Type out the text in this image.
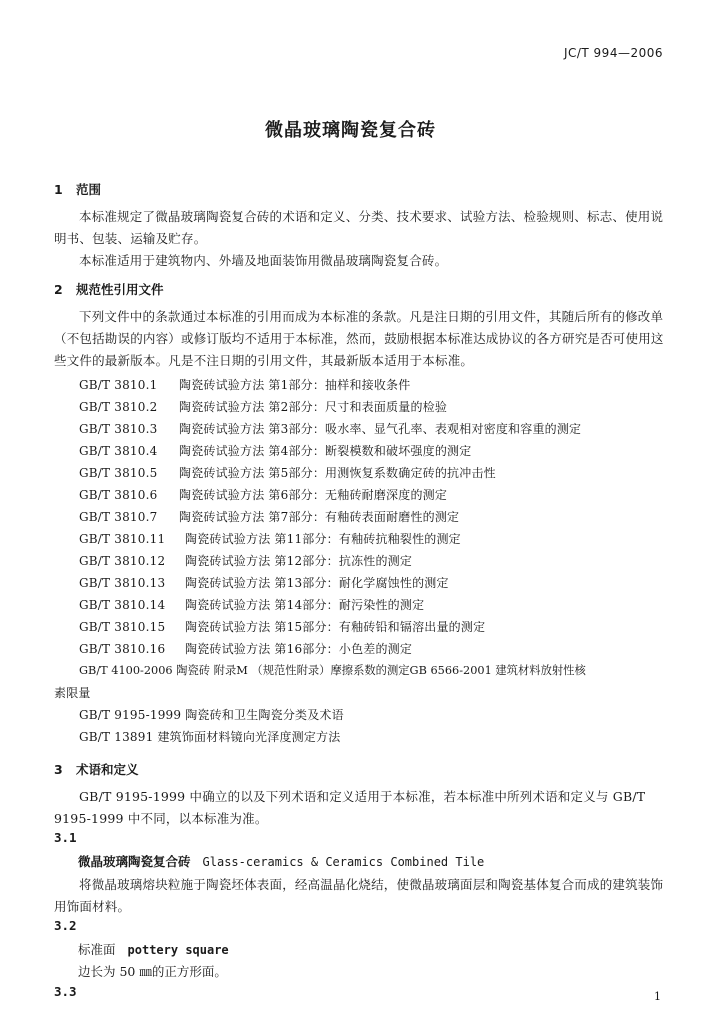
JC/T 994—2006
微晶玻璃陶瓷复合砖
1 范围
本标准规定了微晶玻璃陶瓷复合砖的术语和定义、分类、技术要求、试验方法、检验规则、标志、使用说明书、包装、运输及贮存。
本标准适用于建筑物内、外墙及地面装饰用微晶玻璃陶瓷复合砖。
2 规范性引用文件
下列文件中的条款通过本标准的引用而成为本标准的条款。凡是注日期的引用文件，其随后所有的修改单（不包括勘误的内容）或修订版均不适用于本标准，然而，鼓励根据本标准达成协议的各方研究是否可使用这些文件的最新版本。凡是不注日期的引用文件，其最新版本适用于本标准。
GB/T 3810.1 陶瓷砖试验方法 第1部分：抽样和接收条件
GB/T 3810.2 陶瓷砖试验方法 第2部分：尺寸和表面质量的检验
GB/T 3810.3 陶瓷砖试验方法 第3部分：吸水率、显气孔率、表观相对密度和容重的测定
GB/T 3810.4 陶瓷砖试验方法 第4部分：断裂模数和破坏强度的测定
GB/T 3810.5 陶瓷砖试验方法 第5部分：用测恢复系数确定砖的抗冲击性
GB/T 3810.6 陶瓷砖试验方法 第6部分：无釉砖耐磨深度的测定
GB/T 3810.7 陶瓷砖试验方法 第7部分：有釉砖表面耐磨性的测定
GB/T 3810.11 陶瓷砖试验方法 第11部分：有釉砖抗釉裂性的测定
GB/T 3810.12 陶瓷砖试验方法 第12部分：抗冻性的测定
GB/T 3810.13 陶瓷砖试验方法 第13部分：耐化学腐蚀性的测定
GB/T 3810.14 陶瓷砖试验方法 第14部分：耐污染性的测定
GB/T 3810.15 陶瓷砖试验方法 第15部分：有釉砖铅和镉溶出量的测定
GB/T 3810.16 陶瓷砖试验方法 第16部分：小色差的测定
GB/T 4100-2006 陶瓷砖 附录M （规范性附录）摩擦系数的测定GB 6566-2001 建筑材料放射性核
素限量
GB/T 9195-1999 陶瓷砖和卫生陶瓷分类及术语
GB/T 13891 建筑饰面材料镜向光泽度测定方法
3 术语和定义
GB/T 9195-1999 中确立的以及下列术语和定义适用于本标准，若本标准中所列术语和定义与 GB/T 9195-1999 中不同，以本标准为准。
3.1
微晶玻璃陶瓷复合砖 Glass-ceramics & Ceramics Combined Tile
将微晶玻璃熔块粒施于陶瓷坯体表面，经高温晶化烧结，使微晶玻璃面层和陶瓷基体复合而成的建筑装饰用饰面材料。
3.2
标准面 pottery square
边长为 50 ㎜的正方形面。
3.3	1
